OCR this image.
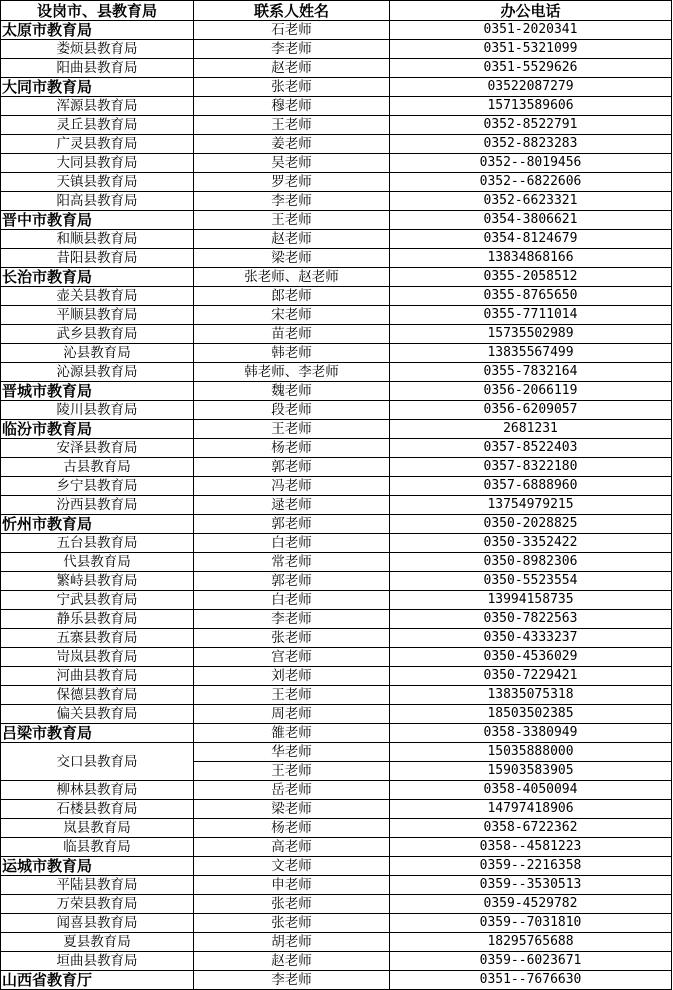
设岗市、县教育局	联系人姓名	办公电话
太原市教育局	石老师	0351-2020341
娄烦县教育局	李老师	0351-5321099
阳曲县教育局	赵老师	0351-5529626
大同市教育局	张老师	03522087279
浑源县教育局	穆老师	15713589606
灵丘县教育局	王老师	0352-8522791
广灵县教育局	姜老师	0352-8823283
大同县教育局	吴老师	0352--8019456
天镇县教育局	罗老师	0352--6822606
阳高县教育局	李老师	0352-6623321
晋中市教育局	王老师	0354-3806621
和顺县教育局	赵老师	0354-8124679
昔阳县教育局	梁老师	13834868166
长治市教育局	张老师、赵老师	0355-2058512
壶关县教育局	郎老师	0355-8765650
平顺县教育局	宋老师	0355-7711014
武乡县教育局	苗老师	15735502989
沁县教育局	韩老师	13835567499
沁源县教育局	韩老师、李老师	0355-7832164
晋城市教育局	魏老师	0356-2066119
陵川县教育局	段老师	0356-6209057
临汾市教育局	王老师	2681231
安泽县教育局	杨老师	0357-8522403
古县教育局	郭老师	0357-8322180
乡宁县教育局	冯老师	0357-6888960
汾西县教育局	逯老师	13754979215
忻州市教育局	郭老师	0350-2028825
五台县教育局	白老师	0350-3352422
代县教育局	常老师	0350-8982306
繁峙县教育局	郭老师	0350-5523554
宁武县教育局	白老师	13994158735
静乐县教育局	李老师	0350-7822563
五寨县教育局	张老师	0350-4333237
岢岚县教育局	宫老师	0350-4536029
河曲县教育局	刘老师	0350-7229421
保德县教育局	王老师	13835075318
偏关县教育局	周老师	18503502385
吕梁市教育局	雒老师	0358-3380949
交口县教育局	华老师	15035888000
	王老师	15903583905
柳林县教育局	岳老师	0358-4050094
石楼县教育局	梁老师	14797418906
岚县教育局	杨老师	0358-6722362
临县教育局	高老师	0358--4581223
运城市教育局	文老师	0359--2216358
平陆县教育局	申老师	0359--3530513
万荣县教育局	张老师	0359-4529782
闻喜县教育局	张老师	0359--7031810
夏县教育局	胡老师	18295765688
垣曲县教育局	赵老师	0359--6023671
山西省教育厅	李老师	0351--7676630
